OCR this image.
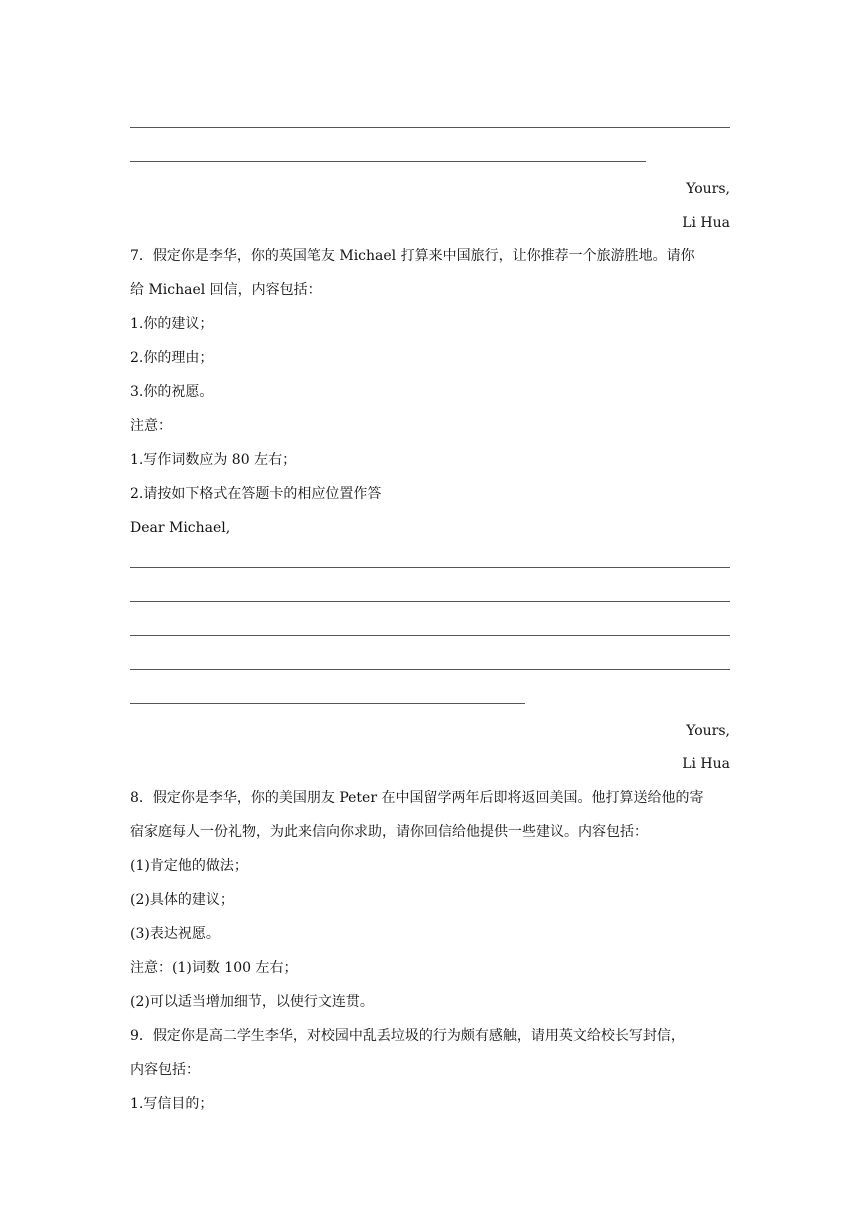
Yours,
Li Hua
7．假定你是李华，你的英国笔友 Michael 打算来中国旅行，让你推荐一个旅游胜地。请你
给 Michael 回信，内容包括：
1.你的建议；
2.你的理由；
3.你的祝愿。
注意：
1.写作词数应为 80 左右；
2.请按如下格式在答题卡的相应位置作答
Dear Michael,
Yours,
Li Hua
8．假定你是李华，你的美国朋友 Peter 在中国留学两年后即将返回美国。他打算送给他的寄
宿家庭每人一份礼物，为此来信向你求助，请你回信给他提供一些建议。内容包括：
(1)肯定他的做法；
(2)具体的建议；
(3)表达祝愿。
注意：(1)词数 100 左右；
(2)可以适当增加细节，以使行文连贯。
9．假定你是高二学生李华，对校园中乱丢垃圾的行为颇有感触，请用英文给校长写封信，
内容包括：
1.写信目的；
